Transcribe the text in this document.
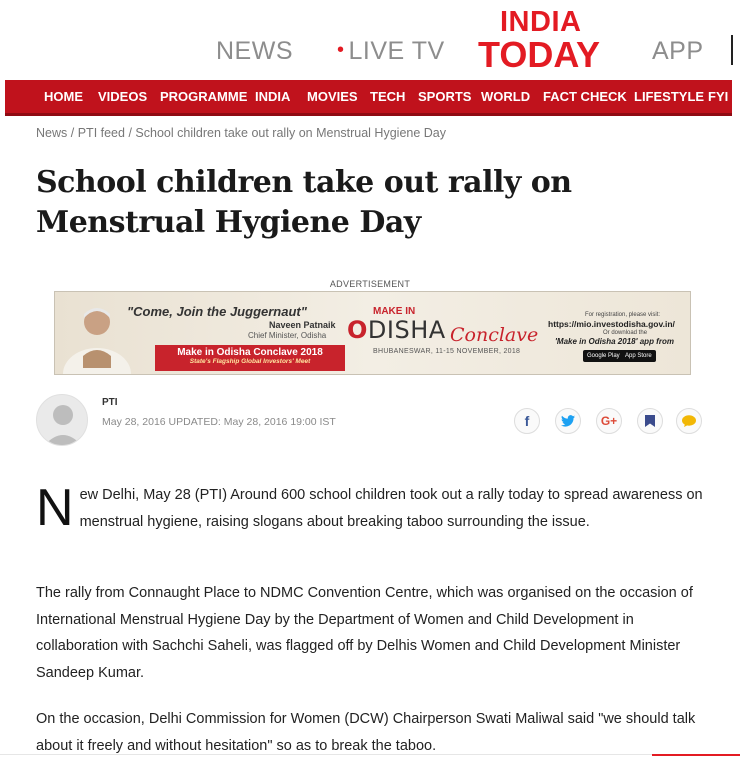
NEWS • LIVE TV
INDIA
TODAY APP
HOME VIDEOS PROGRAMME INDIA MOVIES TECH SPORTS WORLD FACT CHECK LIFESTYLE FYI
News / PTI feed / School children take out rally on Menstrual Hygiene Day
School children take out rally on Menstrual Hygiene Day
ADVERTISEMENT
"Come, Join the Juggernaut"
Naveen Patnaik
Chief Minister, Odisha
Make in Odisha Conclave 2018
State's Flagship Global Investors' Meet
MAKE IN
ODISHA Conclave
BHUBANESWAR, 11-15 NOVEMBER, 2018
For registration, please visit:
https://mio.investodisha.gov.in/
Or download the
'Make in Odisha 2018' app from
Google Play App Store
PTI
May 28, 2016 UPDATED: May 28, 2016 19:00 IST	f	G+
N ew Delhi, May 28 (PTI) Around 600 school children took out a rally today to spread awareness on menstrual hygiene, raising slogans about breaking taboo surrounding the issue.

The rally from Connaught Place to NDMC Convention Centre, which was organised on the occasion of International Menstrual Hygiene Day by the Department of Women and Child Development in collaboration with Sachchi Saheli, was flagged off by Delhis Women and Child Development Minister Sandeep Kumar.

On the occasion, Delhi Commission for Women (DCW) Chairperson Swati Maliwal said "we should talk about it freely and without hesitation" so as to break the taboo.
